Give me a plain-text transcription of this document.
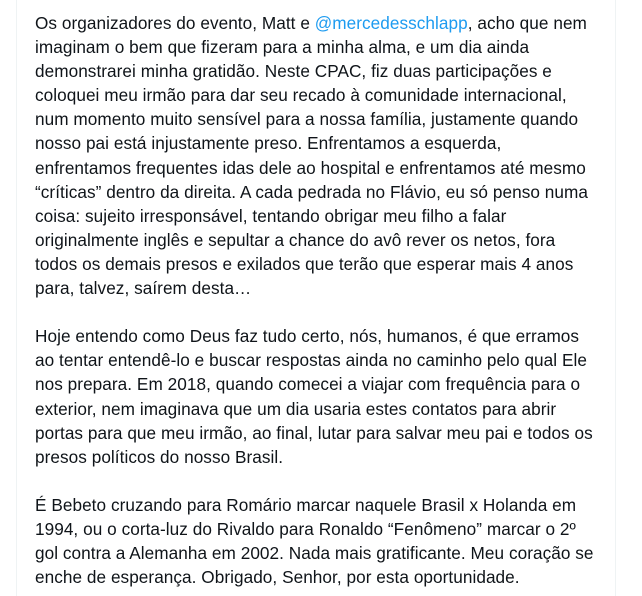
Os organizadores do evento, Matt e @mercedesschlapp, acho que nem
imaginam o bem que fizeram para a minha alma, e um dia ainda
demonstrarei minha gratidão. Neste CPAC, fiz duas participações e
coloquei meu irmão para dar seu recado à comunidade internacional,
num momento muito sensível para a nossa família, justamente quando
nosso pai está injustamente preso. Enfrentamos a esquerda,
enfrentamos frequentes idas dele ao hospital e enfrentamos até mesmo
“críticas” dentro da direita. A cada pedrada no Flávio, eu só penso numa
coisa: sujeito irresponsável, tentando obrigar meu filho a falar
originalmente inglês e sepultar a chance do avô rever os netos, fora
todos os demais presos e exilados que terão que esperar mais 4 anos
para, talvez, saírem desta…

Hoje entendo como Deus faz tudo certo, nós, humanos, é que erramos
ao tentar entendê-lo e buscar respostas ainda no caminho pelo qual Ele
nos prepara. Em 2018, quando comecei a viajar com frequência para o
exterior, nem imaginava que um dia usaria estes contatos para abrir
portas para que meu irmão, ao final, lutar para salvar meu pai e todos os
presos políticos do nosso Brasil.

É Bebeto cruzando para Romário marcar naquele Brasil x Holanda em
1994, ou o corta-luz do Rivaldo para Ronaldo “Fenômeno” marcar o 2º
gol contra a Alemanha em 2002. Nada mais gratificante. Meu coração se
enche de esperança. Obrigado, Senhor, por esta oportunidade.
